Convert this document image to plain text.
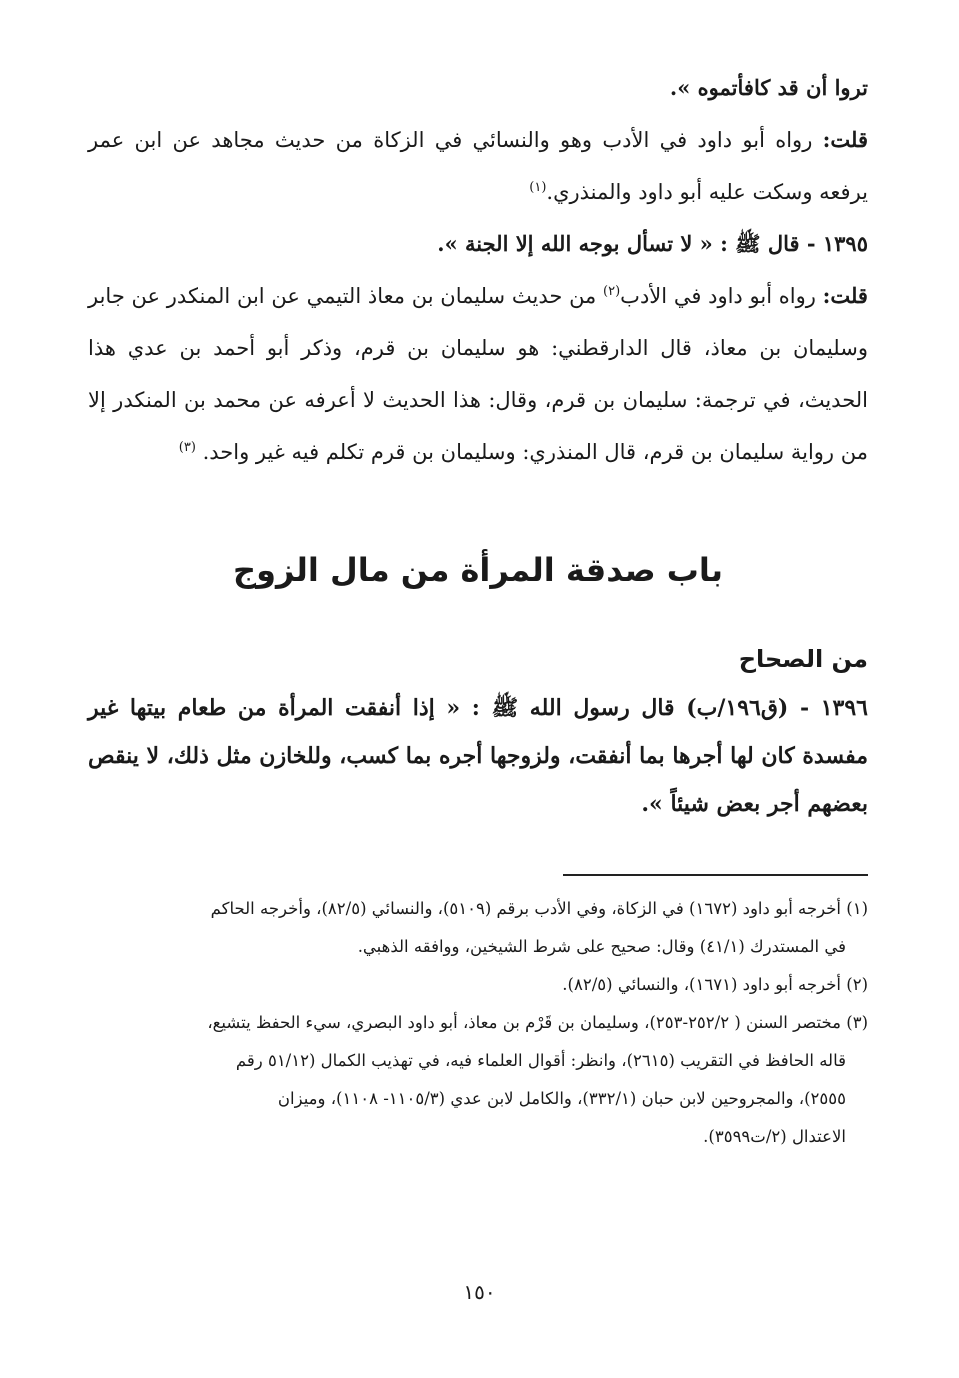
تروا أن قد كافأتموه ».

قلت: رواه أبو داود في الأدب وهو والنسائي في الزكاة من حديث مجاهد عن ابن عمر يرفعه وسكت عليه أبو داود والمنذري.$^{(١)}$

١٣٩٥ - قال ﷺ : « لا تسأل بوجه الله إلا الجنة ».

قلت: رواه أبو داود في الأدب$^{(٢)}$ من حديث سليمان بن معاذ التيمي عن ابن المنكدر عن جابر وسليمان بن معاذ، قال الدارقطني: هو سليمان بن قرم، وذكر أبو أحمد بن عدي هذا الحديث، في ترجمة: سليمان بن قرم، وقال: هذا الحديث لا أعرفه عن محمد بن المنكدر إلا من رواية سليمان بن قرم، قال المنذري: وسليمان بن قرم تكلم فيه غير واحد. $^{(٣)}$

باب صدقة المرأة من مال الزوج
من الصحاح

١٣٩٦ - (ق١٩٦/ب) قال رسول الله ﷺ : « إذا أنفقت المرأة من طعام بيتها غير مفسدة كان لها أجرها بما أنفقت، ولزوجها أجره بما كسب، وللخازن مثل ذلك، لا ينقص بعضهم أجر بعض شيئاً ».

(١) أخرجه أبو داود (١٦٧٢) في الزكاة، وفي الأدب برقم (٥١٠٩)، والنسائي (٨٢/٥)، وأخرجه الحاكم
في المستدرك (٤١/١) وقال: صحيح على شرط الشيخين، ووافقه الذهبي.

(٢) أخرجه أبو داود (١٦٧١)، والنسائي (٨٢/٥).

(٣) مختصر السنن ( ٢٥٢/٢-٢٥٣)، وسليمان بن قَرْم بن معاذ، أبو داود البصري، سيء الحفظ يتشيع،
قاله الحافظ في التقريب (٢٦١٥)، وانظر: أقوال العلماء فيه، في تهذيب الكمال (٥١/١٢ رقم
٢٥٥٥)، والمجروحين لابن حبان (٣٣٢/١)، والكامل لابن عدي (١١٠٥/٣- ١١٠٨)، وميزان
الاعتدال (٢/ت٣٥٩٩).

١٥٠
